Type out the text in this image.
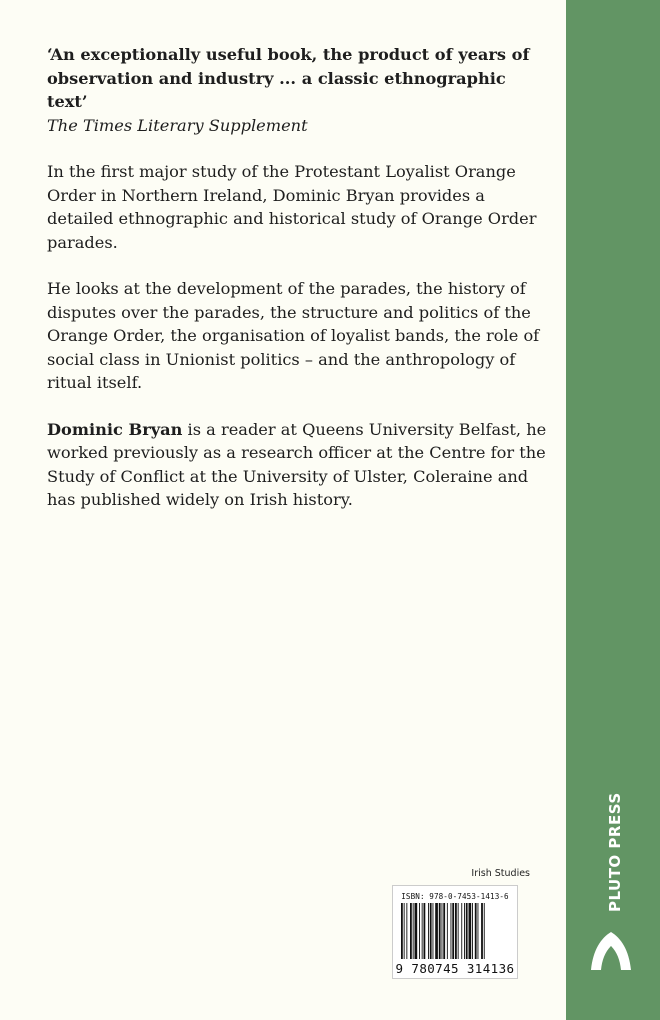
‘An exceptionally useful book, the product of years of
observation and industry ... a classic ethnographic text’
The Times Literary Supplement

In the first major study of the Protestant Loyalist Orange Order in Northern Ireland, Dominic Bryan provides a detailed ethnographic and historical study of Orange Order parades.

He looks at the development of the parades, the history of disputes over the parades, the structure and politics of the Orange Order, the organisation of loyalist bands, the role of social class in Unionist politics – and the anthropology of ritual itself.

Dominic Bryan is a reader at Queens University Belfast, he worked previously as a research officer at the Centre for the Study of Conflict at the University of Ulster, Coleraine and has published widely on Irish history.

Irish Studies
ISBN: 978-0-7453-1413-6
9 780745 314136
PLUTO PRESS
